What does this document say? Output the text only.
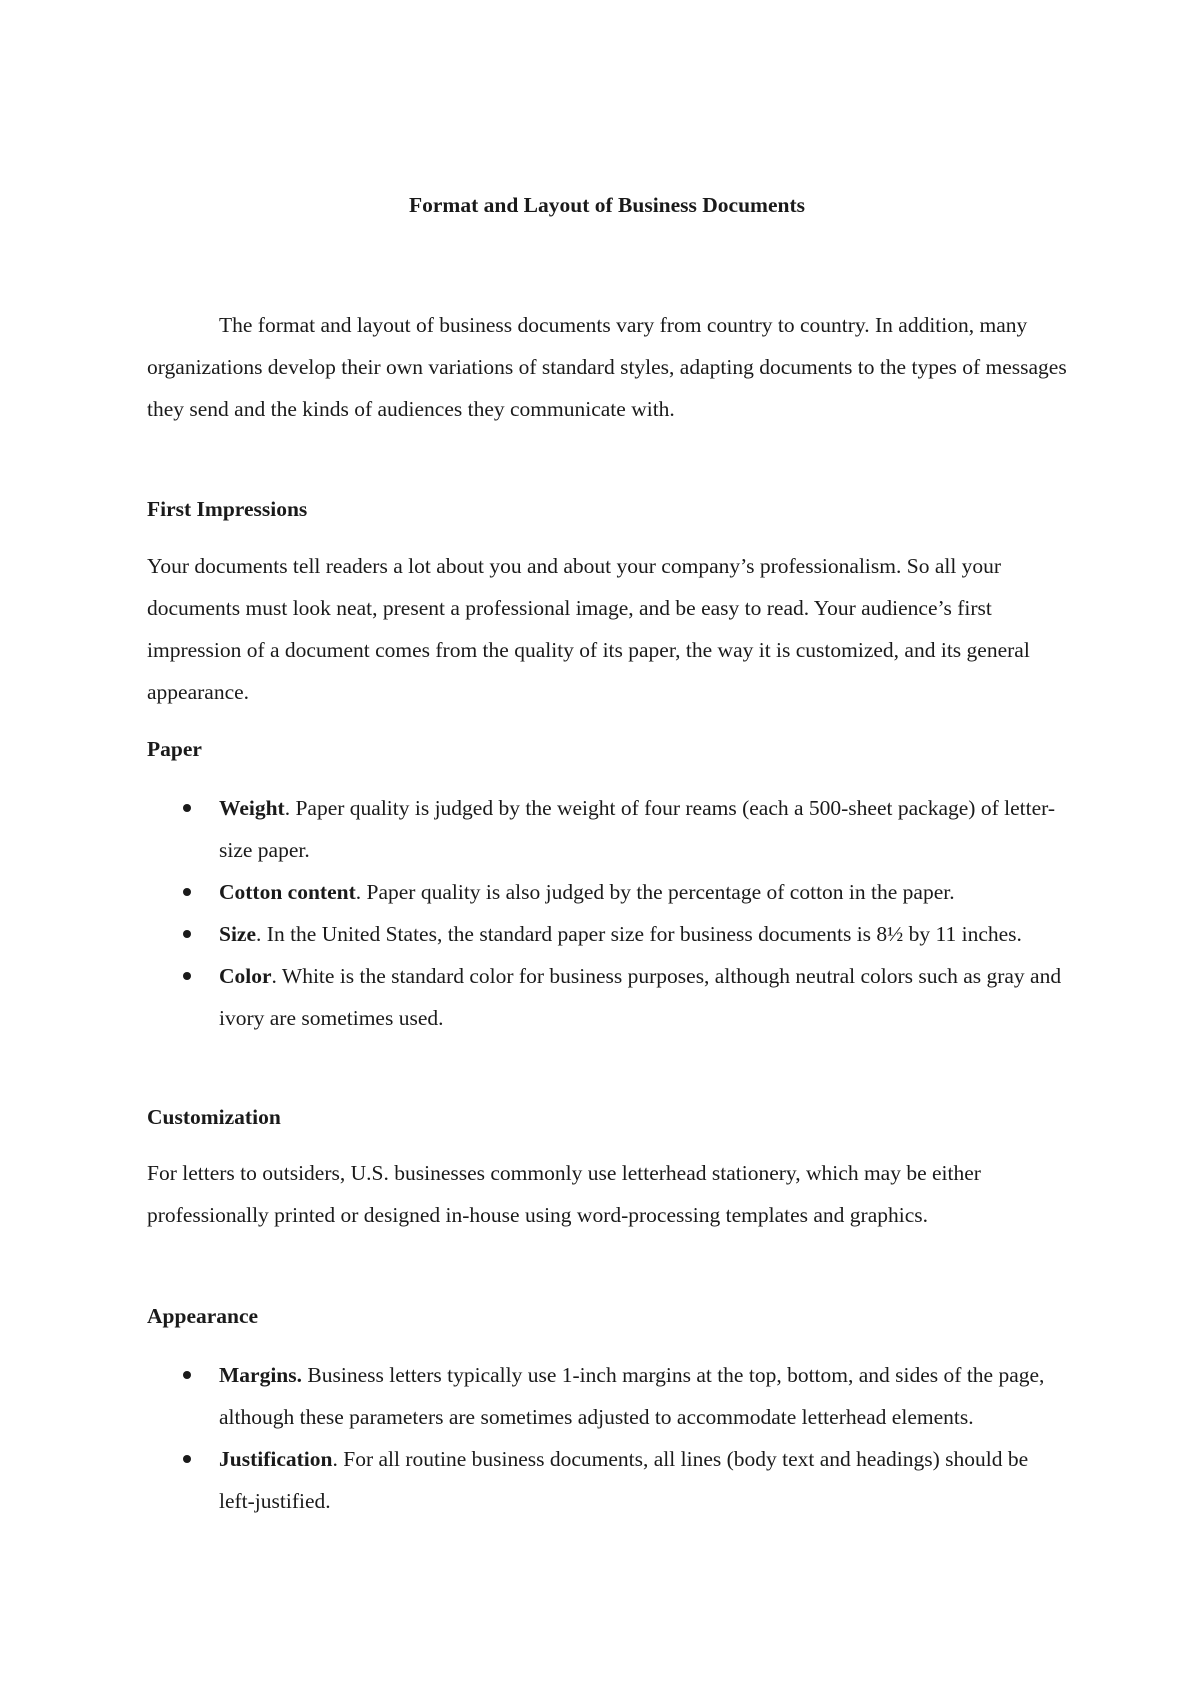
Format and Layout of Business Documents

The format and layout of business documents vary from country to country. In addition, many organizations develop their own variations of standard styles, adapting documents to the types of messages they send and the kinds of audiences they communicate with.

First Impressions

Your documents tell readers a lot about you and about your company’s professionalism. So all your documents must look neat, present a professional image, and be easy to read. Your audience’s first impression of a document comes from the quality of its paper, the way it is customized, and its general appearance.

Paper

Weight. Paper quality is judged by the weight of four reams (each a 500-sheet package) of letter-size paper.
Cotton content. Paper quality is also judged by the percentage of cotton in the paper.
Size. In the United States, the standard paper size for business documents is 8½ by 11 inches.
Color. White is the standard color for business purposes, although neutral colors such as gray and ivory are sometimes used.

Customization

For letters to outsiders, U.S. businesses commonly use letterhead stationery, which may be either professionally printed or designed in-house using word-processing templates and graphics.

Appearance

Margins. Business letters typically use 1-inch margins at the top, bottom, and sides of the page, although these parameters are sometimes adjusted to accommodate letterhead elements.
Justification. For all routine business documents, all lines (body text and headings) should be left-justified.
